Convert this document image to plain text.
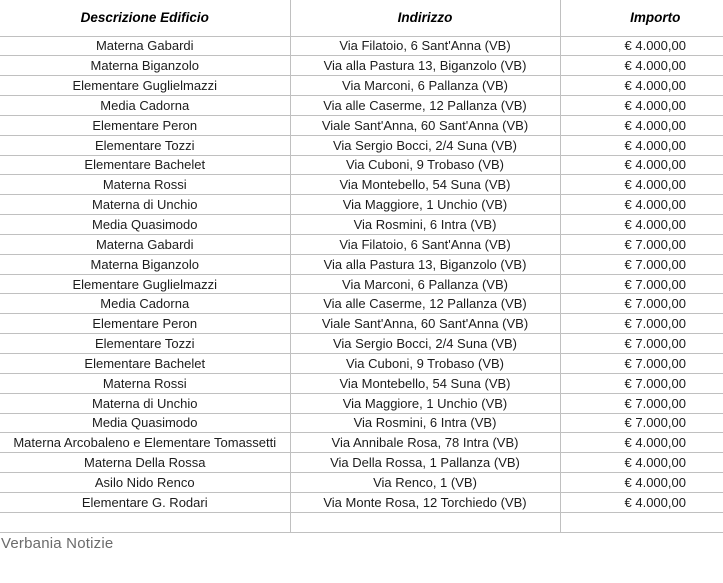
Descrizione Edificio	Indirizzo	Importo
Materna Gabardi	Via Filatoio, 6 Sant'Anna (VB)	€ 4.000,00
Materna Biganzolo	Via alla Pastura 13, Biganzolo (VB)	€ 4.000,00
Elementare Guglielmazzi	Via Marconi, 6 Pallanza (VB)	€ 4.000,00
Media Cadorna	Via alle Caserme, 12 Pallanza (VB)	€ 4.000,00
Elementare Peron	Viale Sant'Anna, 60 Sant'Anna (VB)	€ 4.000,00
Elementare Tozzi	Via Sergio Bocci, 2/4 Suna (VB)	€ 4.000,00
Elementare Bachelet	Via Cuboni, 9 Trobaso (VB)	€ 4.000,00
Materna Rossi	Via Montebello, 54 Suna (VB)	€ 4.000,00
Materna di Unchio	Via Maggiore, 1 Unchio (VB)	€ 4.000,00
Media Quasimodo	Via Rosmini, 6 Intra (VB)	€ 4.000,00
Materna Gabardi	Via Filatoio, 6 Sant'Anna (VB)	€ 7.000,00
Materna Biganzolo	Via alla Pastura 13, Biganzolo (VB)	€ 7.000,00
Elementare Guglielmazzi	Via Marconi, 6 Pallanza (VB)	€ 7.000,00
Media Cadorna	Via alle Caserme, 12 Pallanza (VB)	€ 7.000,00
Elementare Peron	Viale Sant'Anna, 60 Sant'Anna (VB)	€ 7.000,00
Elementare Tozzi	Via Sergio Bocci, 2/4 Suna (VB)	€ 7.000,00
Elementare Bachelet	Via Cuboni, 9 Trobaso (VB)	€ 7.000,00
Materna Rossi	Via Montebello, 54 Suna (VB)	€ 7.000,00
Materna di Unchio	Via Maggiore, 1 Unchio (VB)	€ 7.000,00
Media Quasimodo	Via Rosmini, 6 Intra (VB)	€ 7.000,00
Materna Arcobaleno e Elementare Tomassetti	Via Annibale Rosa, 78 Intra (VB)	€ 4.000,00
Materna Della Rossa	Via Della Rossa, 1 Pallanza (VB)	€ 4.000,00
Asilo Nido Renco	Via Renco, 1 (VB)	€ 4.000,00
Elementare G. Rodari	Via Monte Rosa, 12 Torchiedo (VB)	€ 4.000,00

Verbania Notizie
